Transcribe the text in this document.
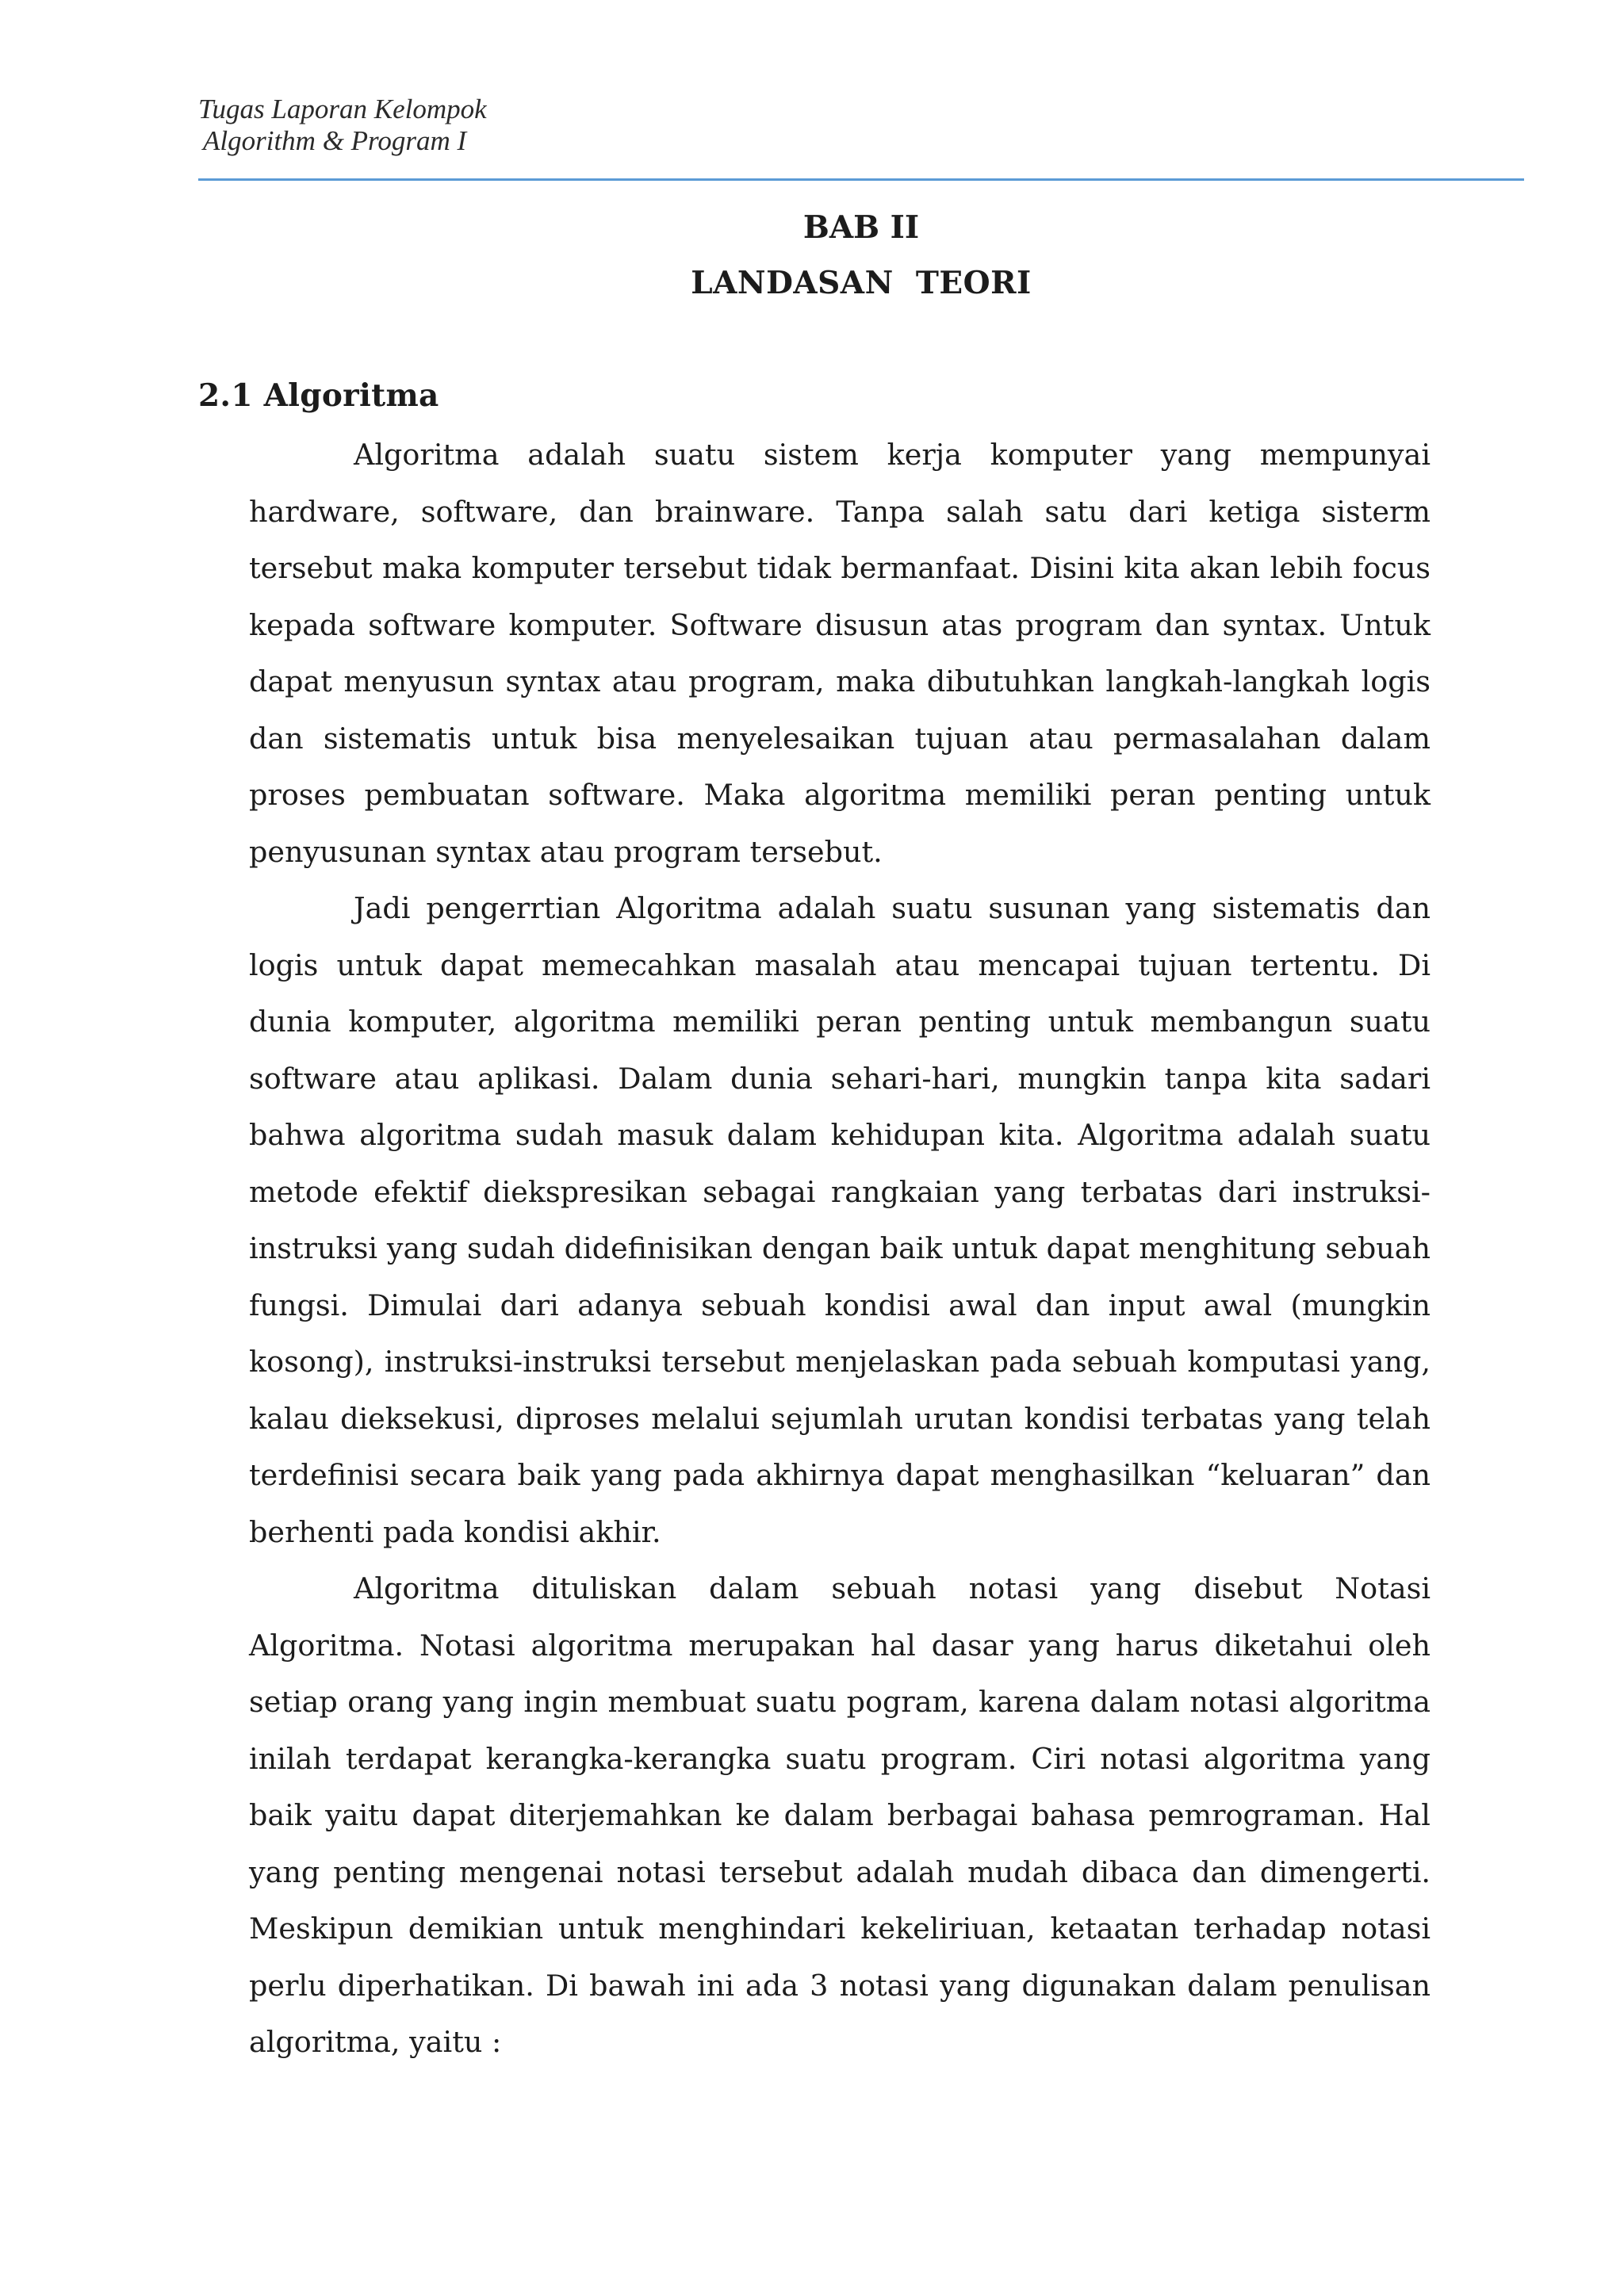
Tugas Laporan Kelompok
Algorithm & Program I
BAB II
LANDASAN  TEORI
2.1 Algoritma

Algoritma adalah suatu sistem kerja komputer yang mempunyai hardware, software, dan brainware. Tanpa salah satu dari ketiga sisterm tersebut maka komputer tersebut tidak bermanfaat. Disini kita akan lebih focus kepada software komputer. Software disusun atas program dan syntax. Untuk dapat menyusun syntax atau program, maka dibutuhkan langkah-langkah logis dan sistematis untuk bisa menyelesaikan tujuan atau permasalahan dalam proses pembuatan software. Maka algoritma memiliki peran penting untuk penyusunan syntax atau program tersebut.

Jadi pengerrtian Algoritma adalah suatu susunan yang sistematis dan logis untuk dapat memecahkan masalah atau mencapai tujuan tertentu. Di dunia komputer, algoritma memiliki peran penting untuk membangun suatu software atau aplikasi. Dalam dunia sehari-hari, mungkin tanpa kita sadari bahwa algoritma sudah masuk dalam kehidupan kita. Algoritma adalah suatu metode efektif diekspresikan sebagai rangkaian yang terbatas dari instruksi-instruksi yang sudah didefinisikan dengan baik untuk dapat menghitung sebuah fungsi. Dimulai dari adanya sebuah kondisi awal dan input awal (mungkin kosong), instruksi-instruksi tersebut menjelaskan pada sebuah komputasi yang, kalau dieksekusi, diproses melalui sejumlah urutan kondisi terbatas yang telah terdefinisi secara baik yang pada akhirnya dapat menghasilkan “keluaran” dan berhenti pada kondisi akhir.

Algoritma dituliskan dalam sebuah notasi yang disebut Notasi Algoritma. Notasi algoritma merupakan hal dasar yang harus diketahui oleh setiap orang yang ingin membuat suatu pogram, karena dalam notasi algoritma inilah terdapat kerangka-kerangka suatu program. Ciri notasi algoritma yang baik yaitu dapat diterjemahkan ke dalam berbagai bahasa pemrograman. Hal yang penting mengenai notasi tersebut adalah mudah dibaca dan dimengerti. Meskipun demikian untuk menghindari kekeliriuan, ketaatan terhadap notasi perlu diperhatikan. Di bawah ini ada 3 notasi yang digunakan dalam penulisan algoritma, yaitu :
